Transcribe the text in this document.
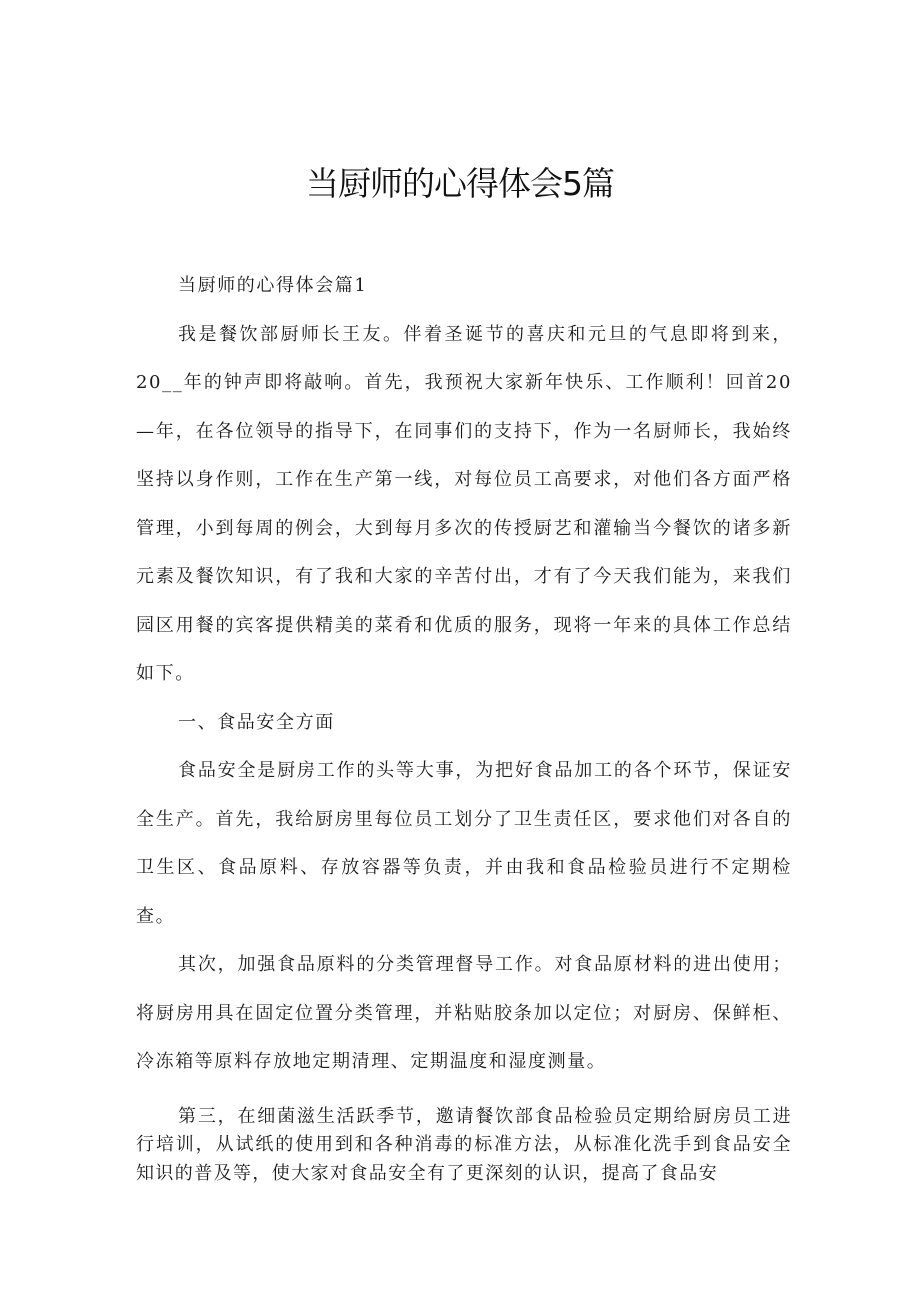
当厨师的心得体会5篇

当厨师的心得体会篇1

我是餐饮部厨师长王友。伴着圣诞节的喜庆和元旦的气息即将到来，20__年的钟声即将敲响。首先，我预祝大家新年快乐、工作顺利！回首20—年，在各位领导的指导下，在同事们的支持下，作为一名厨师长，我始终坚持以身作则，工作在生产第一线，对每位员工高要求，对他们各方面严格管理，小到每周的例会，大到每月多次的传授厨艺和灌输当今餐饮的诸多新元素及餐饮知识，有了我和大家的辛苦付出，才有了今天我们能为，来我们园区用餐的宾客提供精美的菜肴和优质的服务，现将一年来的具体工作总结如下。

一、食品安全方面

食品安全是厨房工作的头等大事，为把好食品加工的各个环节，保证安全生产。首先，我给厨房里每位员工划分了卫生责任区，要求他们对各自的卫生区、食品原料、存放容器等负责，并由我和食品检验员进行不定期检查。

其次，加强食品原料的分类管理督导工作。对食品原材料的进出使用；将厨房用具在固定位置分类管理，并粘贴胶条加以定位；对厨房、保鲜柜、冷冻箱等原料存放地定期清理、定期温度和湿度测量。

第三，在细菌滋生活跃季节，邀请餐饮部食品检验员定期给厨房员工进行培训，从试纸的使用到和各种消毒的标准方法，从标准化洗手到食品安全知识的普及等，使大家对食品安全有了更深刻的认识，提高了食品安
